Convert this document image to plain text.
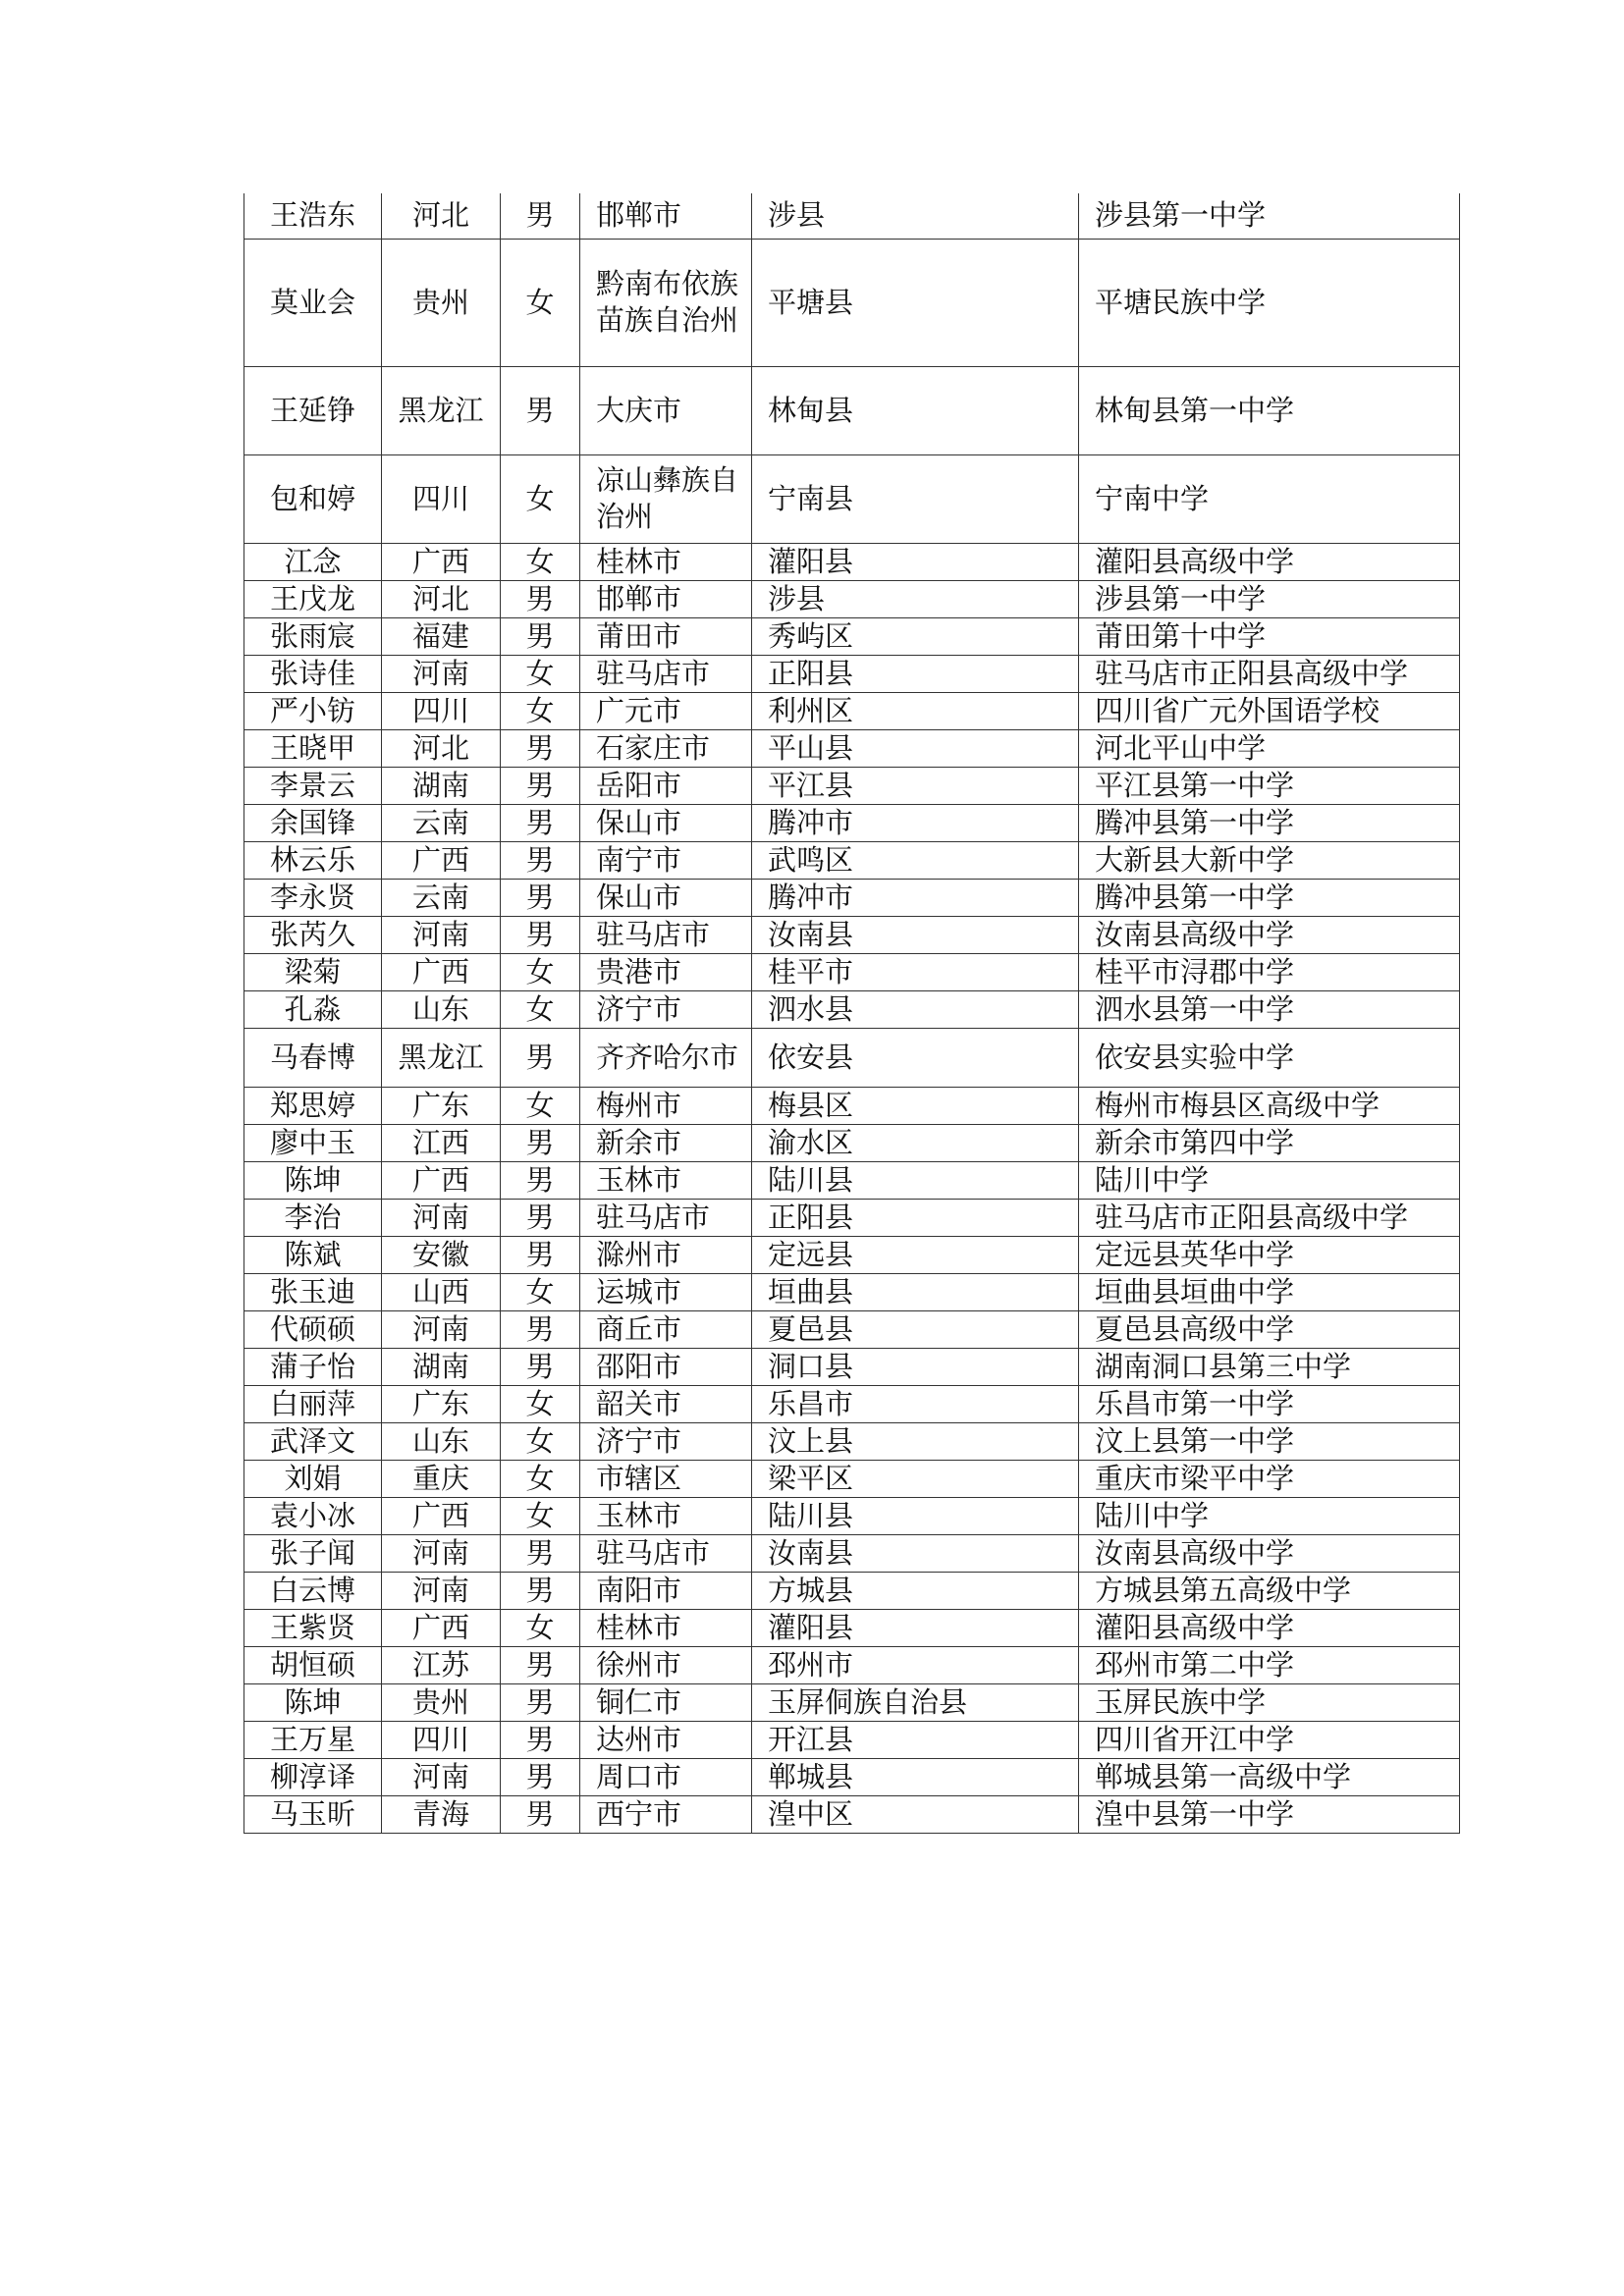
王浩东	河北	男	邯郸市	涉县	涉县第一中学
莫业会	贵州	女	黔南布依族苗族自治州	平塘县	平塘民族中学
王延铮	黑龙江	男	大庆市	林甸县	林甸县第一中学
包和婷	四川	女	凉山彝族自治州	宁南县	宁南中学
江念	广西	女	桂林市	灌阳县	灌阳县高级中学
王戊龙	河北	男	邯郸市	涉县	涉县第一中学
张雨宸	福建	男	莆田市	秀屿区	莆田第十中学
张诗佳	河南	女	驻马店市	正阳县	驻马店市正阳县高级中学
严小钫	四川	女	广元市	利州区	四川省广元外国语学校
王晓甲	河北	男	石家庄市	平山县	河北平山中学
李景云	湖南	男	岳阳市	平江县	平江县第一中学
余国锋	云南	男	保山市	腾冲市	腾冲县第一中学
林云乐	广西	男	南宁市	武鸣区	大新县大新中学
李永贤	云南	男	保山市	腾冲市	腾冲县第一中学
张芮久	河南	男	驻马店市	汝南县	汝南县高级中学
梁菊	广西	女	贵港市	桂平市	桂平市浔郡中学
孔淼	山东	女	济宁市	泗水县	泗水县第一中学
马春博	黑龙江	男	齐齐哈尔市	依安县	依安县实验中学
郑思婷	广东	女	梅州市	梅县区	梅州市梅县区高级中学
廖中玉	江西	男	新余市	渝水区	新余市第四中学
陈坤	广西	男	玉林市	陆川县	陆川中学
李治	河南	男	驻马店市	正阳县	驻马店市正阳县高级中学
陈斌	安徽	男	滁州市	定远县	定远县英华中学
张玉迪	山西	女	运城市	垣曲县	垣曲县垣曲中学
代硕硕	河南	男	商丘市	夏邑县	夏邑县高级中学
蒲子怡	湖南	男	邵阳市	洞口县	湖南洞口县第三中学
白丽萍	广东	女	韶关市	乐昌市	乐昌市第一中学
武泽文	山东	女	济宁市	汶上县	汶上县第一中学
刘娟	重庆	女	市辖区	梁平区	重庆市梁平中学
袁小冰	广西	女	玉林市	陆川县	陆川中学
张子闻	河南	男	驻马店市	汝南县	汝南县高级中学
白云博	河南	男	南阳市	方城县	方城县第五高级中学
王紫贤	广西	女	桂林市	灌阳县	灌阳县高级中学
胡恒硕	江苏	男	徐州市	邳州市	邳州市第二中学
陈坤	贵州	男	铜仁市	玉屏侗族自治县	玉屏民族中学
王万星	四川	男	达州市	开江县	四川省开江中学
柳淳译	河南	男	周口市	郸城县	郸城县第一高级中学
马玉昕	青海	男	西宁市	湟中区	湟中县第一中学
